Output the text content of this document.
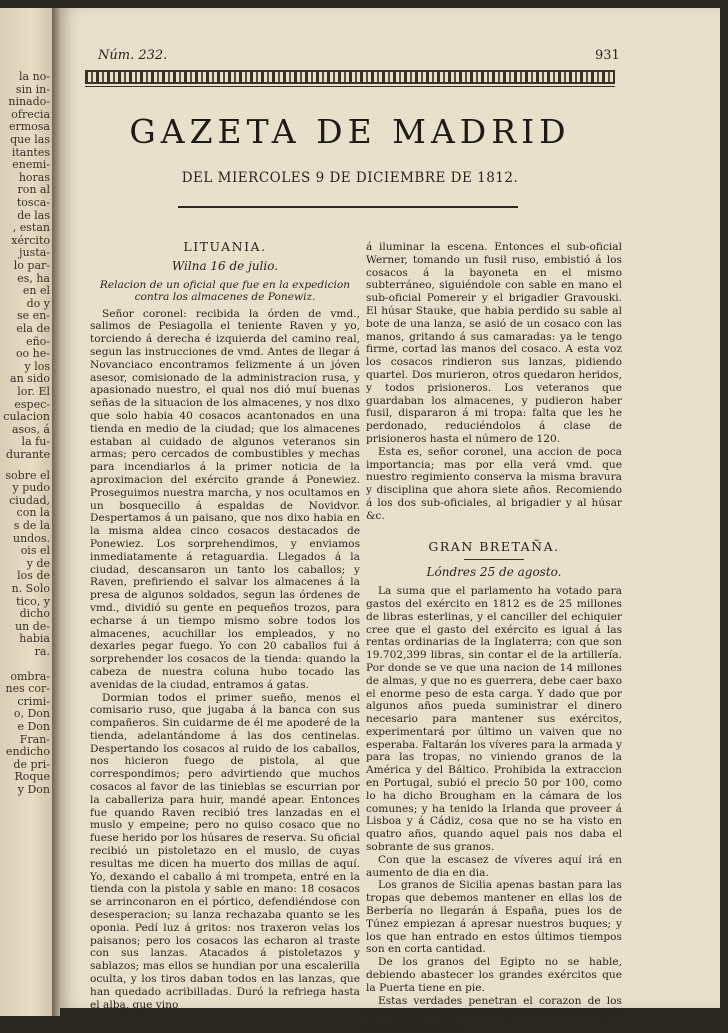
la no-
sin in-
ninado-
ofrecia
ermosa
que las
itantes
enemi-
horas
ron al
tosca-
de las
, estan
xército
justa-
lo par-
es, ha
en el
do y
se en-
ela de
eño-
oo he-
y los
an sido
lor. El
espec-
culacion
asos, á
la fu-
durante
sobre el
y pudo
ciudad,
con la
s de la
undos.
ois el
y de
los de
n. Solo
tico, y
dicho
un de-
habia
ra.
ombra-
nes cor-
crimi-
o, Don
e Don
Fran-
endicho
de pri-
Roque
y Don
Núm. 232.	931
GAZETA DE MADRID
DEL MIERCOLES 9 DE DICIEMBRE DE 1812.
LITUANIA.
Wilna 16 de julio.
Relacion de un oficial que fue en la expedicion contra los almacenes de Ponewiz.

Señor coronel: recibida la órden de vmd., salimos de Pesiagolla el teniente Raven y yo, torciendo á derecha é izquierda del camino real, segun las instrucciones de vmd. Antes de llegar á Novanciaco encontramos felizmente á un jóven asesor, comisionado de la administracion rusa, y apasionado nuestro, el qual nos dió muí buenas señas de la situacion de los almacenes, y nos dixo que solo habia 40 cosacos acantonados en una tienda en medio de la ciudad; que los almacenes estaban al cuidado de algunos veteranos sin armas; pero cercados de combustibles y mechas para incendiarlos á la primer noticia de la aproximacion del exército grande á Ponewiez. Proseguimos nuestra marcha, y nos ocultamos en un bosquecillo á espaldas de Novidvor. Despertamos á un paisano, que nos dixo habia en la misma aldea cinco cosacos destacados de Ponewiez. Los sorprehendimos, y enviamos inmediatamente á retaguardia. Llegados á la ciudad, descansaron un tanto los caballos; y Raven, prefiriendo el salvar los almacenes á la presa de algunos soldados, segun las órdenes de vmd., dividió su gente en pequeños trozos, para echarse á un tiempo mismo sobre todos los almacenes, acuchillar los empleados, y no dexarles pegar fuego. Yo con 20 caballos fui á sorprehender los cosacos de la tienda: quando la cabeza de nuestra coluna hubo tocado las avenidas de la ciudad, entramos á gatas.

Dormian todos el primer sueño, menos el comisario ruso, que jugaba á la banca con sus compañeros. Sin cuidarme de él me apoderé de la tienda, adelantándome á las dos centinelas. Despertando los cosacos al ruido de los caballos, nos hicieron fuego de pistola, al que correspondimos; pero advirtiendo que muchos cosacos al favor de las tinieblas se escurrian por la caballeriza para huir, mandé apear. Entonces fue quando Raven recibió tres lanzadas en el muslo y empeine; pero no quiso cosaco que no fuese herido por los húsares de reserva. Su oficial recibió un pistoletazo en el muslo, de cuyas resultas me dicen ha muerto dos millas de aquí. Yo, dexando el caballo á mi trompeta, entré en la tienda con la pistola y sable en mano: 18 cosacos se arrinconaron en el pórtico, defendiéndose con desesperacion; su lanza rechazaba quanto se les oponia. Pedí luz á gritos: nos traxeron velas los paisanos; pero los cosacos las echaron al traste con sus lanzas. Atacados á pistoletazos y sablazos; mas ellos se hundian por una escalerilla oculta, y los tiros daban todos en las lanzas, que han quedado acribilladas. Duró la refriega hasta el alba, que vino

á iluminar la escena. Entonces el sub-oficial Werner, tomando un fusil ruso, embistió á los cosacos á la bayoneta en el mismo subterráneo, siguiéndole con sable en mano el sub-oficial Pomereir y el brigadier Gravouski. El húsar Stauke, que habia perdido su sable al bote de una lanza, se asió de un cosaco con las manos, gritando á sus camaradas: ya le tengo firme, cortad las manos del cosaco. A esta voz los cosacos rindieron sus lanzas, pidiendo quartel. Dos murieron, otros quedaron heridos, y todos prisioneros. Los veteranos que guardaban los almacenes, y pudieron haber fusil, dispararon á mi tropa: falta que les he perdonado, reduciéndolos á clase de prisioneros hasta el número de 120.

Esta es, señor coronel, una accion de poca importancia; mas por ella verá vmd. que nuestro regimiento conserva la misma bravura y disciplina que ahora siete años. Recomiendo á los dos sub-oficiales, al brigadier y al húsar &c.

GRAN BRETAÑA.
Lóndres 25 de agosto.

La suma que el parlamento ha votado para gastos del exército en 1812 es de 25 millones de libras esterlinas, y el canciller del echiquier cree que el gasto del exército es igual á las rentas ordinarias de la Inglaterra; con que son 19.702,399 libras, sin contar el de la artillería. Por donde se ve que una nacion de 14 millones de almas, y que no es guerrera, debe caer baxo el enorme peso de esta carga. Y dado que por algunos años pueda suministrar el dinero necesario para mantener sus exércitos, experimentará por último un vaiven que no esperaba. Faltarán los víveres para la armada y para las tropas, no viniendo granos de la América y del Báltico. Prohibida la extraccion en Portugal, subió el precio 50 por 100, como lo ha dicho Brougham en la cámara de los comunes; y ha tenido la Irlanda que proveer á Lisboa y á Cádiz, cosa que no se ha visto en quatro años, quando aquel pais nos daba el sobrante de sus granos.

Con que la escasez de víveres aquí irá en aumento de dia en dia.

Los granos de Sicilia apenas bastan para las tropas que debemos mantener en ellas los de Berbería no llegarán á España, pues los de Túnez empiezan á apresar nuestros buques; y los que han entrado en estos últimos tiempos son en corta cantidad.

De los granos del Egipto no se hable, debiendo abastecer los grandes exércitos que la Puerta tiene en pie.

Estas verdades penetran el corazon de los buenos, y arrancan las lágrimas de todo inglés que ama su patria.
